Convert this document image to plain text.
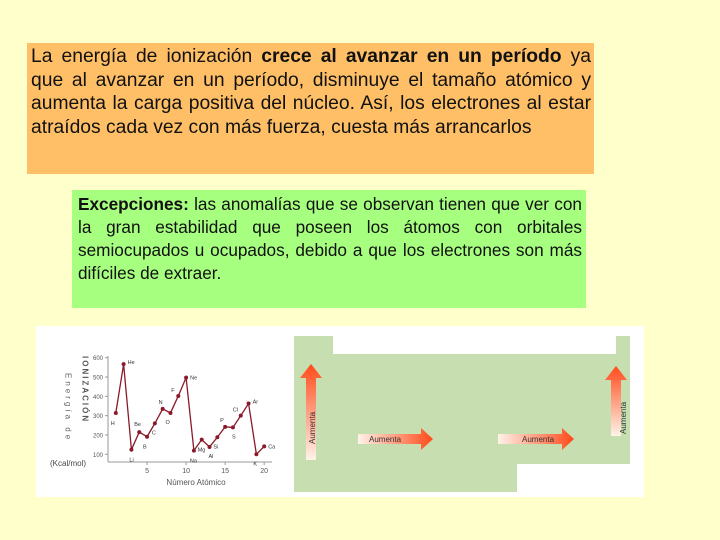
La energía de ionización crece al avanzar en un período ya que al avanzar en un período, disminuye el tamaño atómico y aumenta la carga positiva del núcleo. Así, los electrones al estar atraídos cada vez con más fuerza, cuesta más arrancarlos
Excepciones: las anomalías que se observan tienen que ver con la gran estabilidad que poseen los átomos con orbitales semiocupados u ocupados, debido a que los electrones son más difíciles de extraer.
Energía de IONIZACIÓN
(Kcal/mol)
100
200
300
400
500
600
5	10	15	20
Número Atómico
H
He
Li
Be
B
C
N
O
F
Ne
Na
Mg
Al
Si
P
S
Cl
Ar
K
Ca
Aumenta	Aumenta	Aumenta
Aumenta
